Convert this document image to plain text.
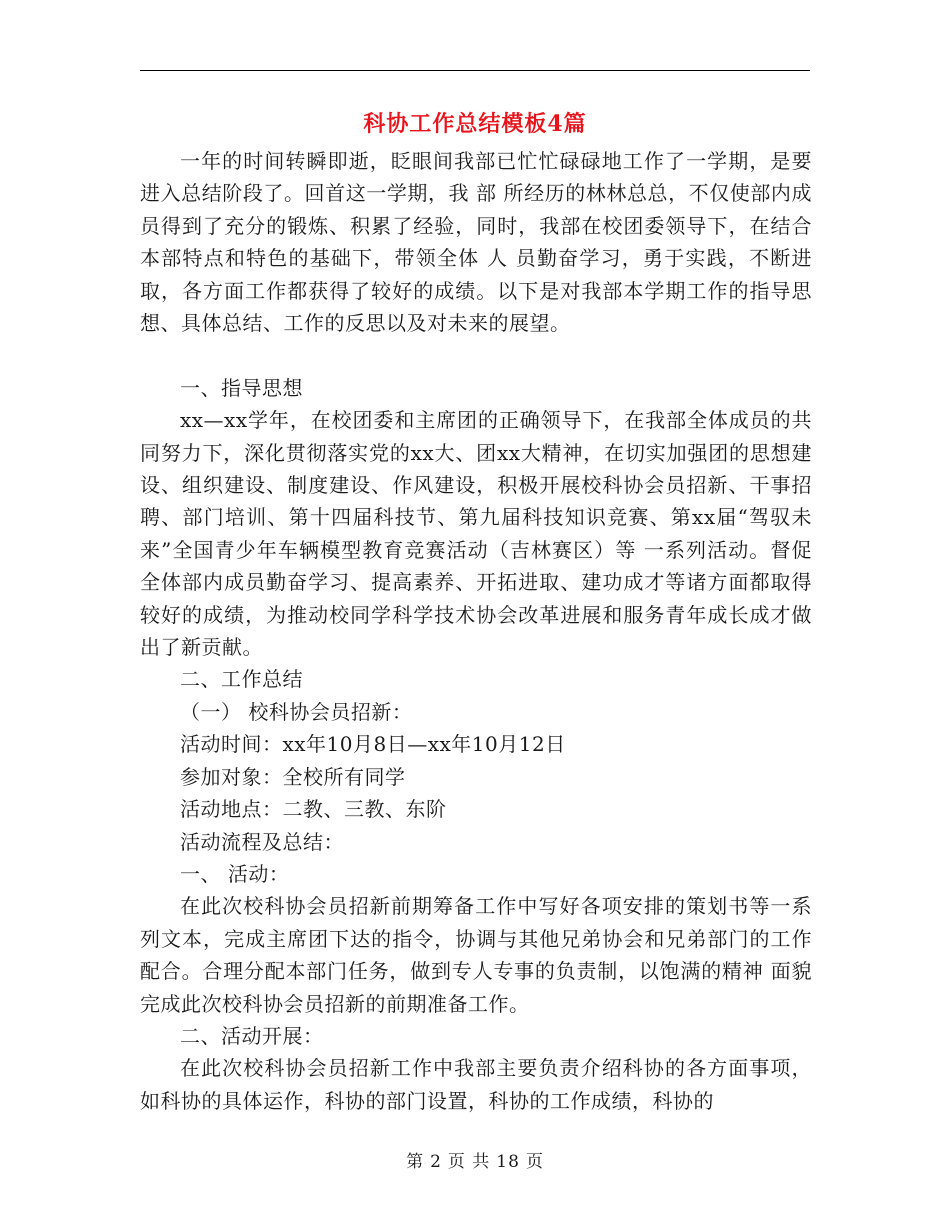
科协工作总结模板4篇

一年的时间转瞬即逝，眨眼间我部已忙忙碌碌地工作了一学期，是要进入总结阶段了。回首这一学期，我 部 所经历的林林总总，不仅使部内成员得到了充分的锻炼、积累了经验，同时，我部在校团委领导下，在结合本部特点和特色的基础下，带领全体 人 员勤奋学习，勇于实践，不断进取，各方面工作都获得了较好的成绩。以下是对我部本学期工作的指导思想、具体总结、工作的反思以及对未来的展望。

一、指导思想

xx—xx学年，在校团委和主席团的正确领导下，在我部全体成员的共同努力下，深化贯彻落实党的xx大、团xx大精神，在切实加强团的思想建设、组织建设、制度建设、作风建设，积极开展校科协会员招新、干事招聘、部门培训、第十四届科技节、第九届科技知识竞赛、第xx届“驾驭未来”全国青少年车辆模型教育竞赛活动（吉林赛区）等 一系列活动。督促全体部内成员勤奋学习、提高素养、开拓进取、建功成才等诸方面都取得较好的成绩，为推动校同学科学技术协会改革进展和服务青年成长成才做出了新贡献。

二、工作总结

（一） 校科协会员招新：

活动时间：xx年10月8日—xx年10月12日

参加对象：全校所有同学

活动地点：二教、三教、东阶

活动流程及总结：

一、 活动：

在此次校科协会员招新前期筹备工作中写好各项安排的策划书等一系列文本，完成主席团下达的指令，协调与其他兄弟协会和兄弟部门的工作配合。合理分配本部门任务，做到专人专事的负责制，以饱满的精神 面貌 完成此次校科协会员招新的前期准备工作。

二、活动开展：

在此次校科协会员招新工作中我部主要负责介绍科协的各方面事项，如科协的具体运作，科协的部门设置，科协的工作成绩，科协的

第 2 页 共 18 页
